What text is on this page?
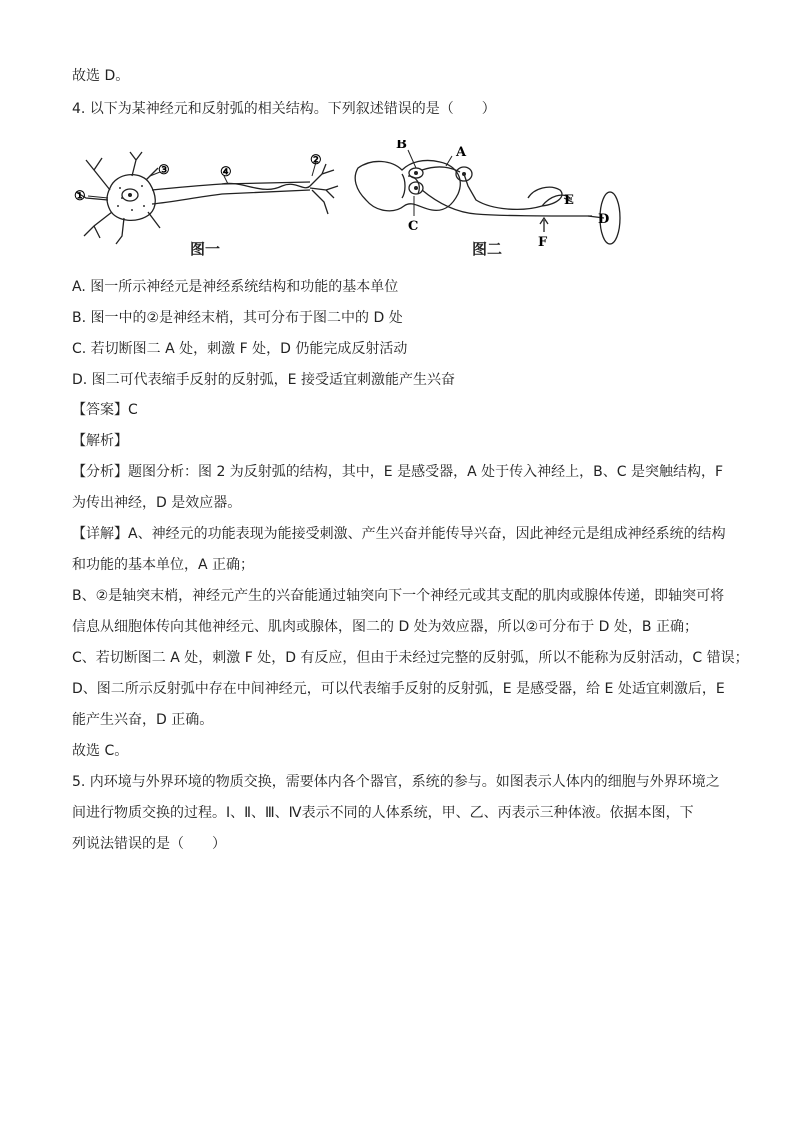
故选 D。
4. 以下为某神经元和反射弧的相关结构。下列叙述错误的是（　　）
①
③	④
②
B
A
C
E
D
F
图一	图二
A. 图一所示神经元是神经系统结构和功能的基本单位
B. 图一中的②是神经末梢，其可分布于图二中的 D 处
C. 若切断图二 A 处，刺激 F 处，D 仍能完成反射活动
D. 图二可代表缩手反射的反射弧，E 接受适宜刺激能产生兴奋
【答案】C
【解析】
【分析】题图分析：图 2 为反射弧的结构，其中，E 是感受器，A 处于传入神经上，B、C 是突触结构，F
为传出神经，D 是效应器。
【详解】A、神经元的功能表现为能接受刺激、产生兴奋并能传导兴奋，因此神经元是组成神经系统的结构
和功能的基本单位，A 正确；
B、②是轴突末梢，神经元产生的兴奋能通过轴突向下一个神经元或其支配的肌肉或腺体传递，即轴突可将
信息从细胞体传向其他神经元、肌肉或腺体，图二的 D 处为效应器，所以②可分布于 D 处，B 正确；
C、若切断图二 A 处，刺激 F 处，D 有反应，但由于未经过完整的反射弧，所以不能称为反射活动，C 错误；
D、图二所示反射弧中存在中间神经元，可以代表缩手反射的反射弧，E 是感受器，给 E 处适宜刺激后，E
能产生兴奋，D 正确。
故选 C。
5. 内环境与外界环境的物质交换，需要体内各个器官，系统的参与。如图表示人体内的细胞与外界环境之
间进行物质交换的过程。Ⅰ、Ⅱ、Ⅲ、Ⅳ表示不同的人体系统，甲、乙、丙表示三种体液。依据本图，下
列说法错误的是（　　）
